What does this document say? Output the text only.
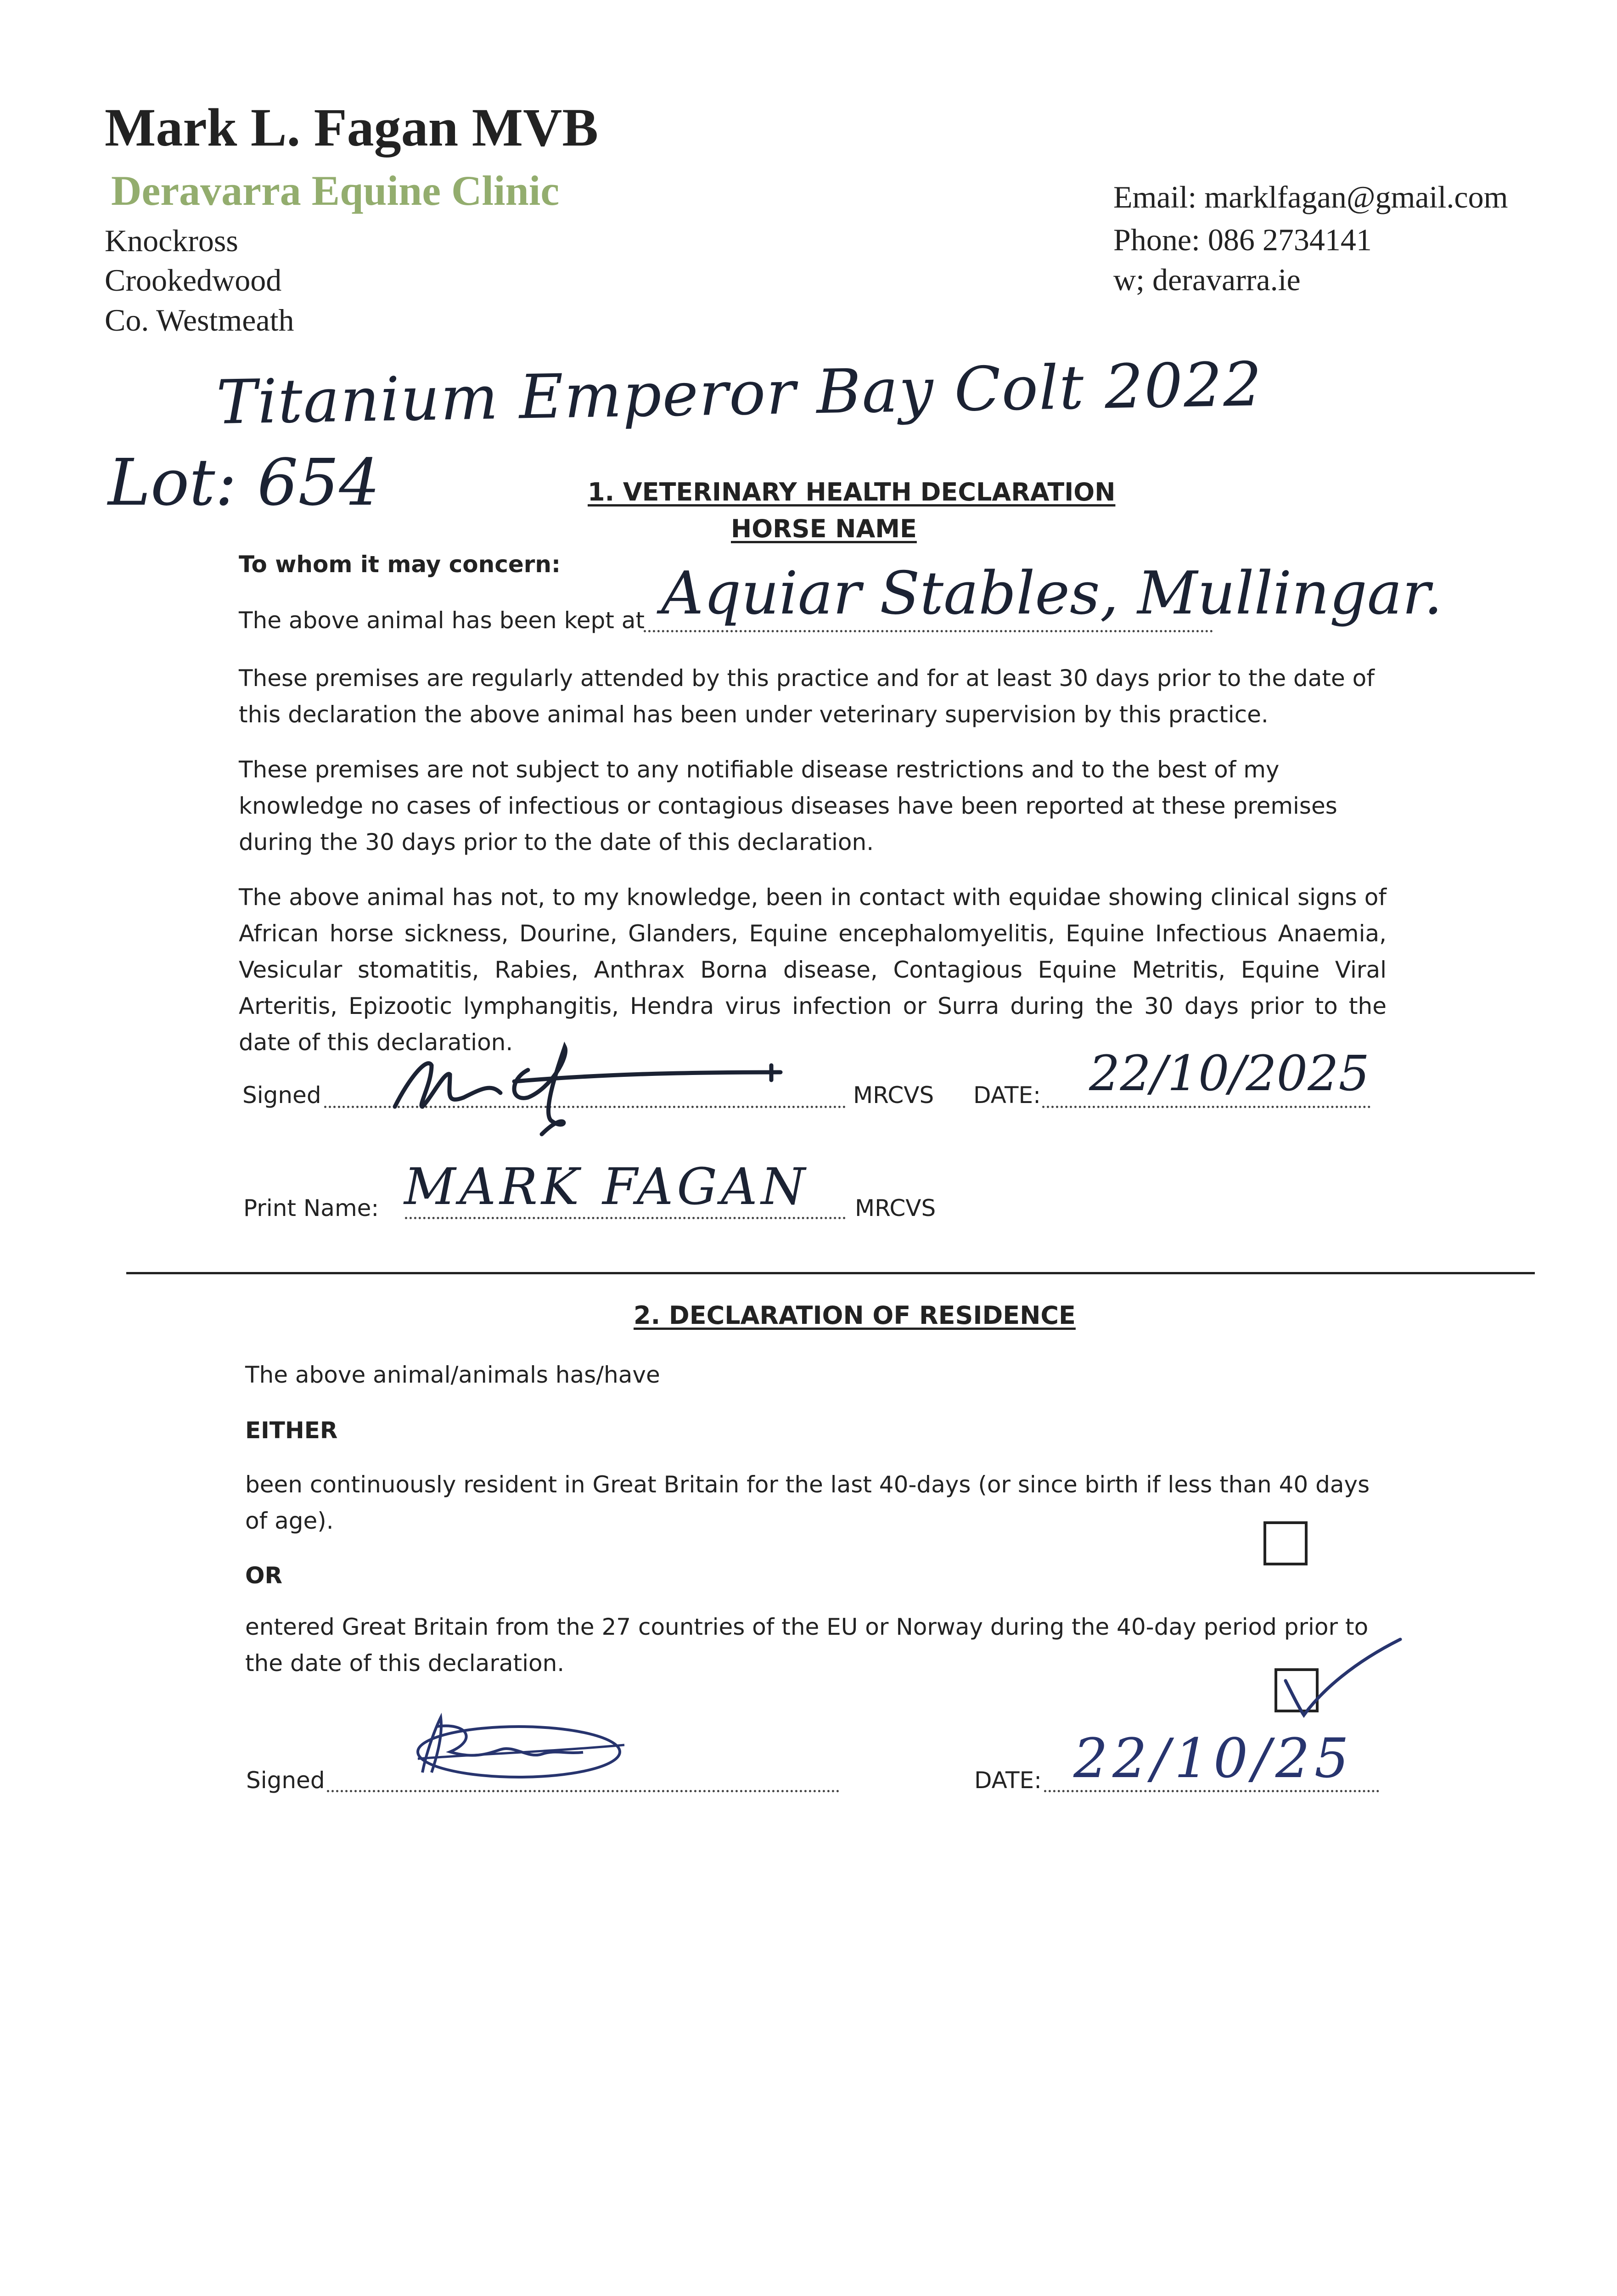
Mark L. Fagan MVB
Deravarra Equine Clinic
Knockross
Crookedwood
Co. Westmeath
Email: marklfagan@gmail.com
Phone: 086 2734141
w; deravarra.ie
Titanium Emperor Bay Colt 2022
Lot: 654	1. VETERINARY HEALTH DECLARATION
HORSE NAME
To whom it may concern:
The above animal has been kept at Aquiar Stables, Mullingar.
These premises are regularly attended by this practice and for at least 30 days prior to the date of this declaration the above animal has been under veterinary supervision by this practice.
These premises are not subject to any notifiable disease restrictions and to the best of my knowledge no cases of infectious or contagious diseases have been reported at these premises during the 30 days prior to the date of this declaration.
The above animal has not, to my knowledge, been in contact with equidae showing clinical signs of African horse sickness, Dourine, Glanders, Equine encephalomyelitis, Equine Infectious Anaemia, Vesicular stomatitis, Rabies, Anthrax Borna disease, Contagious Equine Metritis, Equine Viral Arteritis, Epizootic lymphangitis, Hendra virus infection or Surra during the 30 days prior to the date of this declaration.
Signed	MRCVS DATE: 22/10/2025
Print Name: MARK FAGAN MRCVS
2. DECLARATION OF RESIDENCE
The above animal/animals has/have
EITHER
been continuously resident in Great Britain for the last 40-days (or since birth if less than 40 days of age).
OR
entered Great Britain from the 27 countries of the EU or Norway during the 40-day period prior to the date of this declaration.
Signed	DATE: 22/10/25
